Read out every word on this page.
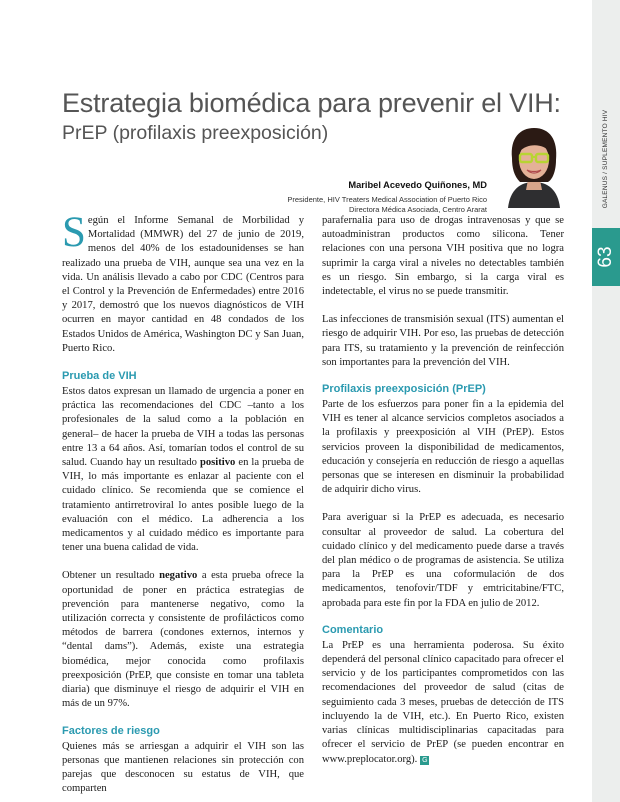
GALENUS / SUPLEMENTO HIV
63
Estrategia biomédica para prevenir el VIH:
PrEP (profilaxis preexposición)
Maribel Acevedo Quiñones, MD
Presidente, HIV Treaters Medical Association of Puerto Rico
Directora Médica Asociada, Centro Ararat

Según el Informe Semanal de Morbilidad y Mortalidad (MMWR) del 27 de junio de 2019, menos del 40% de los estadounidenses se han realizado una prueba de VIH, aunque sea una vez en la vida. Un análisis llevado a cabo por CDC (Centros para el Control y la Prevención de Enfermedades) entre 2016 y 2017, demostró que los nuevos diagnósticos de VIH ocurren en mayor cantidad en 48 condados de los Estados Unidos de América, Washington DC y San Juan, Puerto Rico.

Prueba de VIH

Estos datos expresan un llamado de urgencia a poner en práctica las recomendaciones del CDC –tanto a los profesionales de la salud como a la población en general– de hacer la prueba de VIH a todas las personas entre 13 a 64 años. Así, tomarían todos el control de su salud. Cuando hay un resultado positivo en la prueba de VIH, lo más importante es enlazar al paciente con el cuidado clínico. Se recomienda que se comience el tratamiento antirretroviral lo antes posible luego de la evaluación con el médico. La adherencia a los medicamentos y al cuidado médico es importante para tener una buena calidad de vida.

Obtener un resultado negativo a esta prueba ofrece la oportunidad de poner en práctica estrategias de prevención para mantenerse negativo, como la utilización correcta y consistente de profilácticos como métodos de barrera (condones externos, internos y “dental dams”). Además, existe una estrategia biomédica, mejor conocida como profilaxis preexposición (PrEP, que consiste en tomar una tableta diaria) que disminuye el riesgo de adquirir el VIH en más de un 97%.

Factores de riesgo

Quienes más se arriesgan a adquirir el VIH son las personas que mantienen relaciones sin protección con parejas que desconocen su estatus de VIH, que comparten

parafernalia para uso de drogas intravenosas y que se autoadministran productos como silicona. Tener relaciones con una persona VIH positiva que no logra suprimir la carga viral a niveles no detectables también es un riesgo. Sin embargo, si la carga viral es indetectable, el virus no se puede transmitir.

Las infecciones de transmisión sexual (ITS) aumentan el riesgo de adquirir VIH. Por eso, las pruebas de detección para ITS, su tratamiento y la prevención de reinfección son importantes para la prevención del VIH.

Profilaxis preexposición (PrEP)

Parte de los esfuerzos para poner fin a la epidemia del VIH es tener al alcance servicios completos asociados a la profilaxis y preexposición al VIH (PrEP). Estos servicios proveen la disponibilidad de medicamentos, educación y consejería en reducción de riesgo a aquellas personas que se interesen en disminuir la probabilidad de adquirir dicho virus.

Para averiguar si la PrEP es adecuada, es necesario consultar al proveedor de salud. La cobertura del cuidado clínico y del medicamento puede darse a través del plan médico o de programas de asistencia. Se utiliza para la PrEP es una coformulación de dos medicamentos, tenofovir/TDF y emtricitabine/FTC, aprobada para este fin por la FDA en julio de 2012.

Comentario

La PrEP es una herramienta poderosa. Su éxito dependerá del personal clínico capacitado para ofrecer el servicio y de los participantes comprometidos con las recomendaciones del proveedor de salud (citas de seguimiento cada 3 meses, pruebas de detección de ITS incluyendo la de VIH, etc.). En Puerto Rico, existen varias clínicas multidisciplinarias capacitadas para ofrecer el servicio de PrEP (se pueden encontrar en www.preplocator.org). G
